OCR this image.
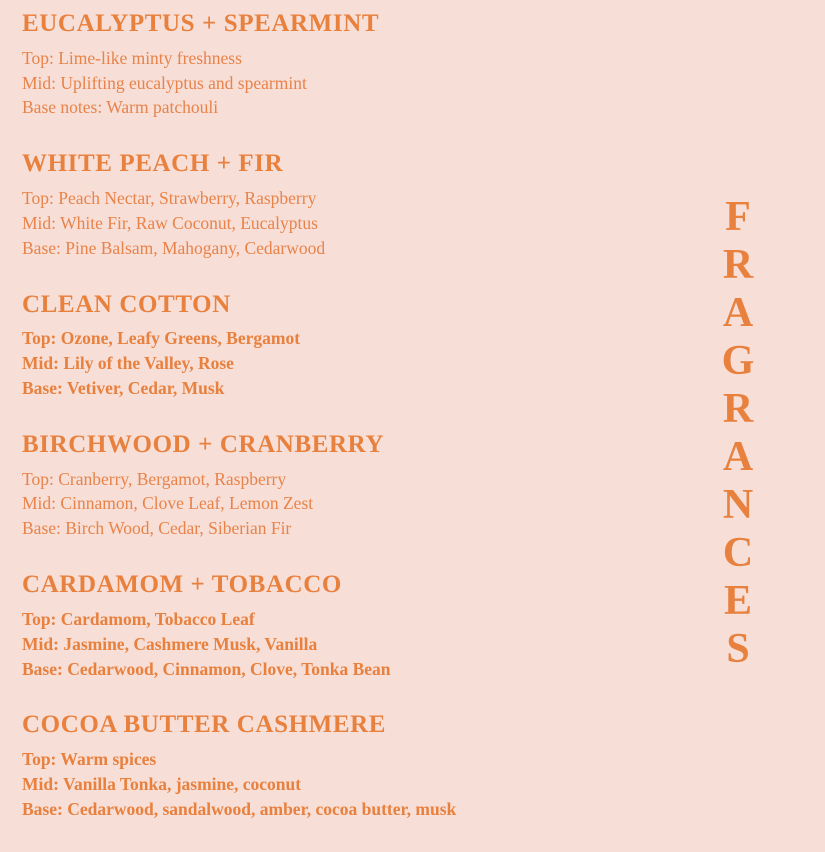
EUCALYPTUS + SPEARMINT
Top: Lime-like minty freshness
Mid: Uplifting eucalyptus and spearmint
Base notes: Warm patchouli
WHITE PEACH + FIR
Top: Peach Nectar, Strawberry, Raspberry
Mid: White Fir, Raw Coconut, Eucalyptus
Base: Pine Balsam, Mahogany, Cedarwood
CLEAN COTTON
Top: Ozone, Leafy Greens, Bergamot
Mid: Lily of the Valley, Rose
Base: Vetiver, Cedar, Musk
BIRCHWOOD + CRANBERRY
Top: Cranberry, Bergamot, Raspberry
Mid: Cinnamon, Clove Leaf, Lemon Zest
Base: Birch Wood, Cedar, Siberian Fir
CARDAMOM + TOBACCO
Top: Cardamom, Tobacco Leaf
Mid: Jasmine, Cashmere Musk, Vanilla
Base: Cedarwood, Cinnamon, Clove, Tonka Bean
COCOA BUTTER CASHMERE
Top: Warm spices
Mid: Vanilla Tonka, jasmine, coconut
Base: Cedarwood, sandalwood, amber, cocoa butter, musk
F
R
A
G
R
A
N
C
E
S
